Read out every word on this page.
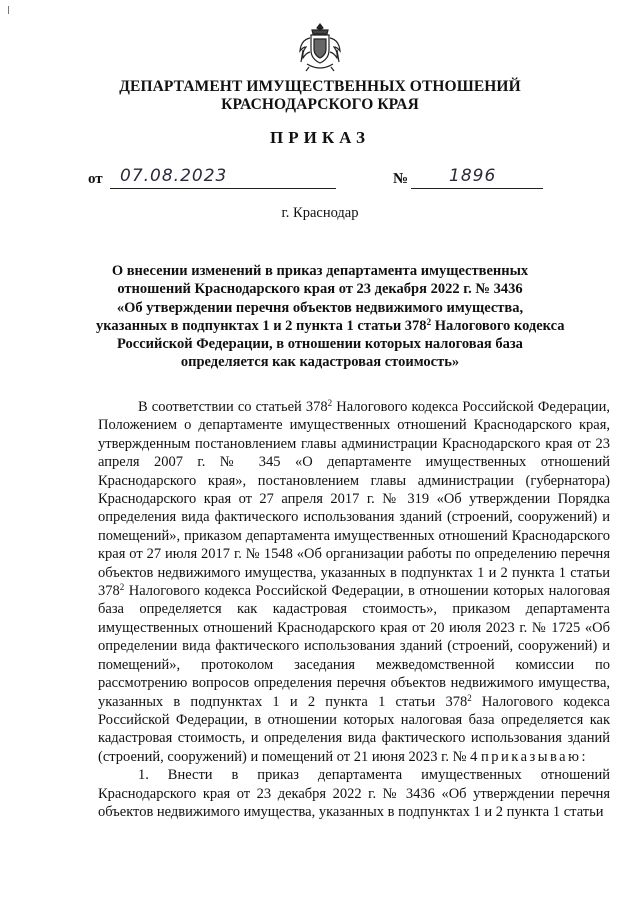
ДЕПАРТАМЕНТ ИМУЩЕСТВЕННЫХ ОТНОШЕНИЙ
КРАСНОДАРСКОГО КРАЯ
ПРИКАЗ
от 07.08.2023	№ 1896
г. Краснодар
О внесении изменений в приказ департамента имущественных
отношений Краснодарского края от 23 декабря 2022 г. № 3436
«Об утверждении перечня объектов недвижимого имущества,
указанных в подпунктах 1 и 2 пункта 1 статьи $378^2$ Налогового кодекса
Российской Федерации, в отношении которых налоговая база
определяется как кадастровая стоимость»

В соответствии со статьей $378^2$ Налогового кодекса Российской Федерации, Положением о департаменте имущественных отношений Краснодарского края, утвержденным постановлением главы администрации Краснодарского края от 23 апреля 2007 г. № 345 «О департаменте имущественных отношений Краснодарского края», постановлением главы администрации (губернатора) Краснодарского края от 27 апреля 2017 г. № 319 «Об утверждении Порядка определения вида фактического использования зданий (строений, сооружений) и помещений», приказом департамента имущественных отношений Краснодарского края от 27 июля 2017 г. № 1548 «Об организации работы по определению перечня объектов недвижимого имущества, указанных в подпунктах 1 и 2 пункта 1 статьи $378^2$ Налогового кодекса Российской Федерации, в отношении которых налоговая база определяется как кадастровая стоимость», приказом департамента имущественных отношений Краснодарского края от 20 июля 2023 г. № 1725 «Об определении вида фактического использования зданий (строений, сооружений) и помещений», протоколом заседания межведомственной комиссии по рассмотрению вопросов определения перечня объектов недвижимого имущества, указанных в подпунктах 1 и 2 пункта 1 статьи $378^2$ Налогового кодекса Российской Федерации, в отношении которых налоговая база определяется как кадастровая стоимость, и определения вида фактического использования зданий (строений, сооружений) и помещений от 21 июня 2023 г. № 4 приказываю:

1. Внести в приказ департамента имущественных отношений Краснодарского края от 23 декабря 2022 г. № 3436 «Об утверждении перечня объектов недвижимого имущества, указанных в подпунктах 1 и 2 пункта 1 статьи
